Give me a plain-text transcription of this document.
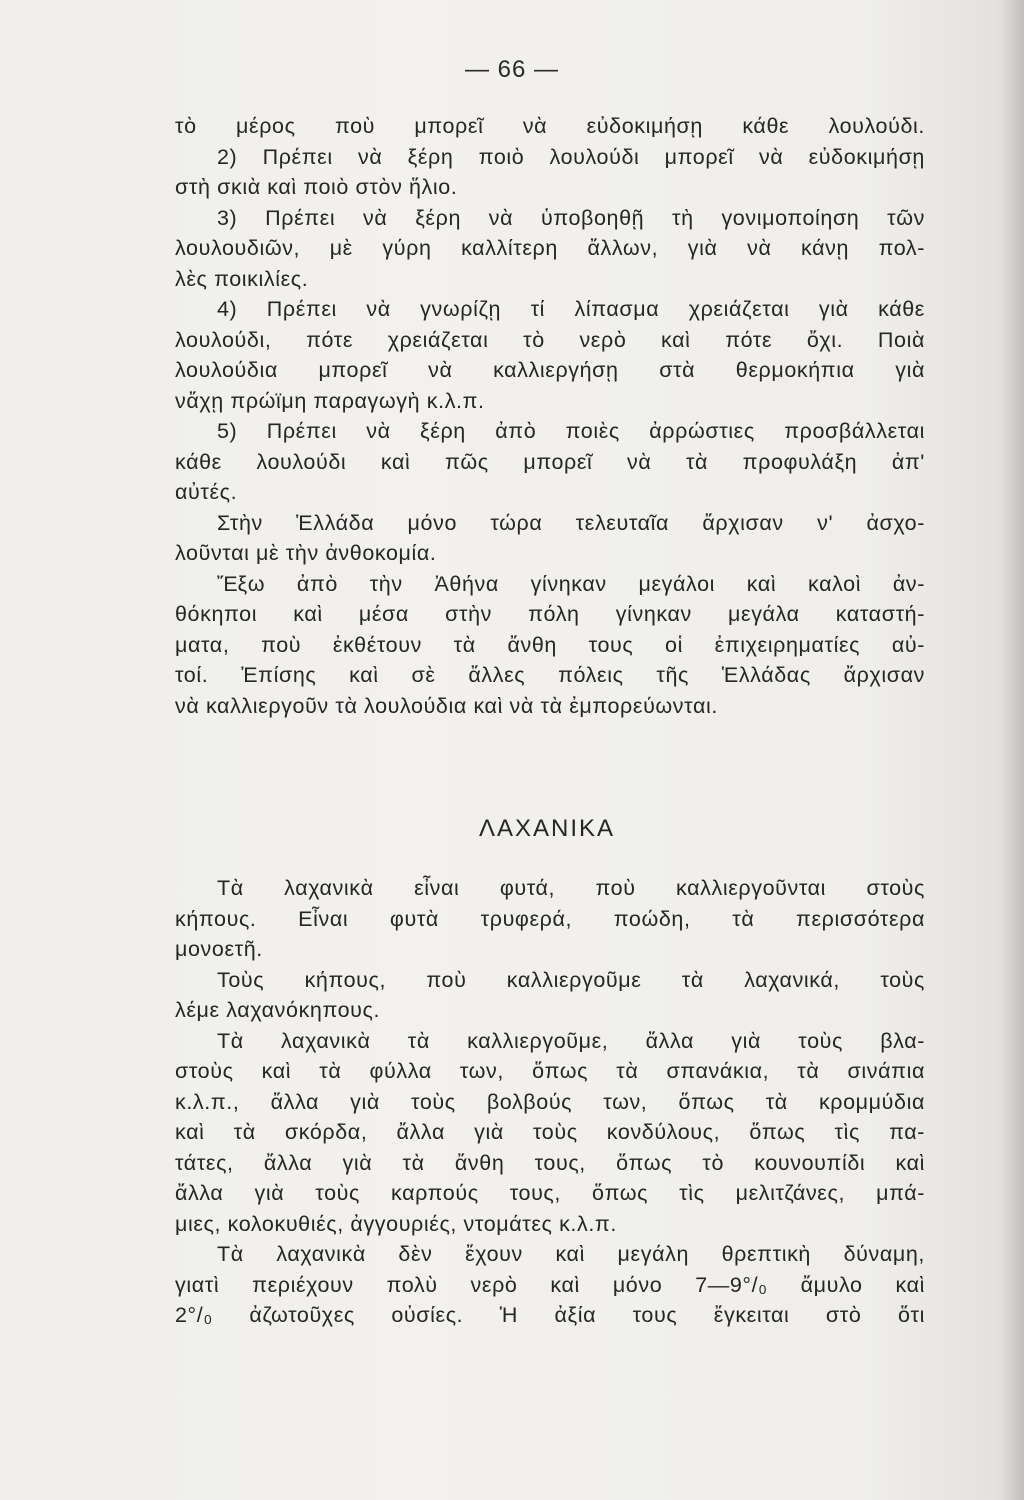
— 66 —
τὸ μέρος ποὺ μπορεῖ νὰ εὐδοκιμήσῃ κάθε λουλούδι.
2) Πρέπει νὰ ξέρη ποιὸ λουλούδι μπορεῖ νὰ εὐδοκιμήσῃ
στὴ σκιὰ καὶ ποιὸ στὸν ἥλιο.
3) Πρέπει νὰ ξέρη νὰ ὑποβοηθῇ τὴ γονιμοποίηση τῶν
λουλουδιῶν, μὲ γύρη καλλίτερη ἄλλων, γιὰ νὰ κάνῃ πολ-
λὲς ποικιλίες.
4) Πρέπει νὰ γνωρίζῃ τί λίπασμα χρειάζεται γιὰ κάθε
λουλούδι, πότε χρειάζεται τὸ νερὸ καὶ πότε ὄχι. Ποιὰ
λουλούδια μπορεῖ νὰ καλλιεργήσῃ στὰ θερμοκήπια γιὰ
νἄχῃ πρώϊμη παραγωγὴ κ.λ.π.
5) Πρέπει νὰ ξέρη ἀπὸ ποιὲς ἀρρώστιες προσβάλλεται
κάθε λουλούδι καὶ πῶς μπορεῖ νὰ τὰ προφυλάξη ἀπ'
αὐτές.
Στὴν Ἑλλάδα μόνο τώρα τελευταῖα ἄρχισαν ν' ἀσχο-
λοῦνται μὲ τὴν ἀνθοκομία.
Ἔξω ἀπὸ τὴν Ἀθήνα γίνηκαν μεγάλοι καὶ καλοὶ ἀν-
θόκηποι καὶ μέσα στὴν πόλη γίνηκαν μεγάλα καταστή-
ματα, ποὺ ἐκθέτουν τὰ ἄνθη τους οἱ ἐπιχειρηματίες αὐ-
τοί. Ἐπίσης καὶ σὲ ἄλλες πόλεις τῆς Ἑλλάδας ἄρχισαν
νὰ καλλιεργοῦν τὰ λουλούδια καὶ νὰ τὰ ἐμπορεύωνται.
ΛΑΧΑΝΙΚΑ
Τὰ λαχανικὰ εἶναι φυτά, ποὺ καλλιεργοῦνται στοὺς
κήπους. Εἶναι φυτὰ τρυφερά, ποώδη, τὰ περισσότερα
μονοετῆ.
Τοὺς κήπους, ποὺ καλλιεργοῦμε τὰ λαχανικά, τοὺς
λέμε λαχανόκηπους.
Τὰ λαχανικὰ τὰ καλλιεργοῦμε, ἄλλα γιὰ τοὺς βλα-
στοὺς καὶ τὰ φύλλα των, ὅπως τὰ σπανάκια, τὰ σινάπια
κ.λ.π., ἄλλα γιὰ τοὺς βολβούς των, ὅπως τὰ κρομμύδια
καὶ τὰ σκόρδα, ἄλλα γιὰ τοὺς κονδύλους, ὅπως τὶς πα-
τάτες, ἄλλα γιὰ τὰ ἄνθη τους, ὅπως τὸ κουνουπίδι καὶ
ἄλλα γιὰ τοὺς καρπούς τους, ὅπως τὶς μελιτζάνες, μπά-
μιες, κολοκυθιές, ἀγγουριές, ντομάτες κ.λ.π.
Τὰ λαχανικὰ δὲν ἔχουν καὶ μεγάλη θρεπτικὴ δύναμη,
γιατὶ περιέχουν πολὺ νερὸ καὶ μόνο 7—9°/₀ ἄμυλο καὶ
2°/₀ ἀζωτοῦχες οὐσίες. Ἡ ἀξία τους ἔγκειται στὸ ὅτι
